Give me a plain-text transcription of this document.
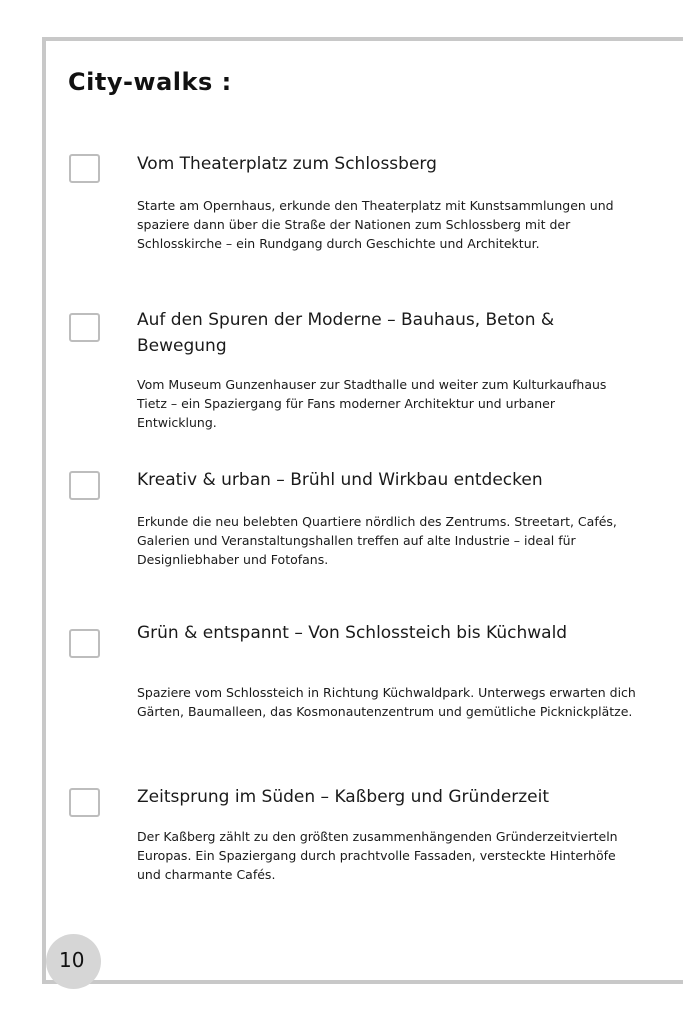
City-walks :
Vom Theaterplatz zum Schlossberg

Starte am Opernhaus, erkunde den Theaterplatz mit Kunstsammlungen und spaziere dann über die Straße der Nationen zum Schlossberg mit der Schlosskirche – ein Rundgang durch Geschichte und Architektur.

Auf den Spuren der Moderne – Bauhaus, Beton & Bewegung

Vom Museum Gunzenhauser zur Stadthalle und weiter zum Kulturkaufhaus Tietz – ein Spaziergang für Fans moderner Architektur und urbaner Entwicklung.

Kreativ & urban – Brühl und Wirkbau entdecken

Erkunde die neu belebten Quartiere nördlich des Zentrums. Streetart, Cafés, Galerien und Veranstaltungshallen treffen auf alte Industrie – ideal für Designliebhaber und Fotofans.

Grün & entspannt – Von Schlossteich bis Küchwald

Spaziere vom Schlossteich in Richtung Küchwaldpark. Unterwegs erwarten dich Gärten, Baumalleen, das Kosmonautenzentrum und gemütliche Picknickplätze.

Zeitsprung im Süden – Kaßberg und Gründerzeit

Der Kaßberg zählt zu den größten zusammenhängenden Gründerzeitvierteln Europas. Ein Spaziergang durch prachtvolle Fassaden, versteckte Hinterhöfe und charmante Cafés.

10
